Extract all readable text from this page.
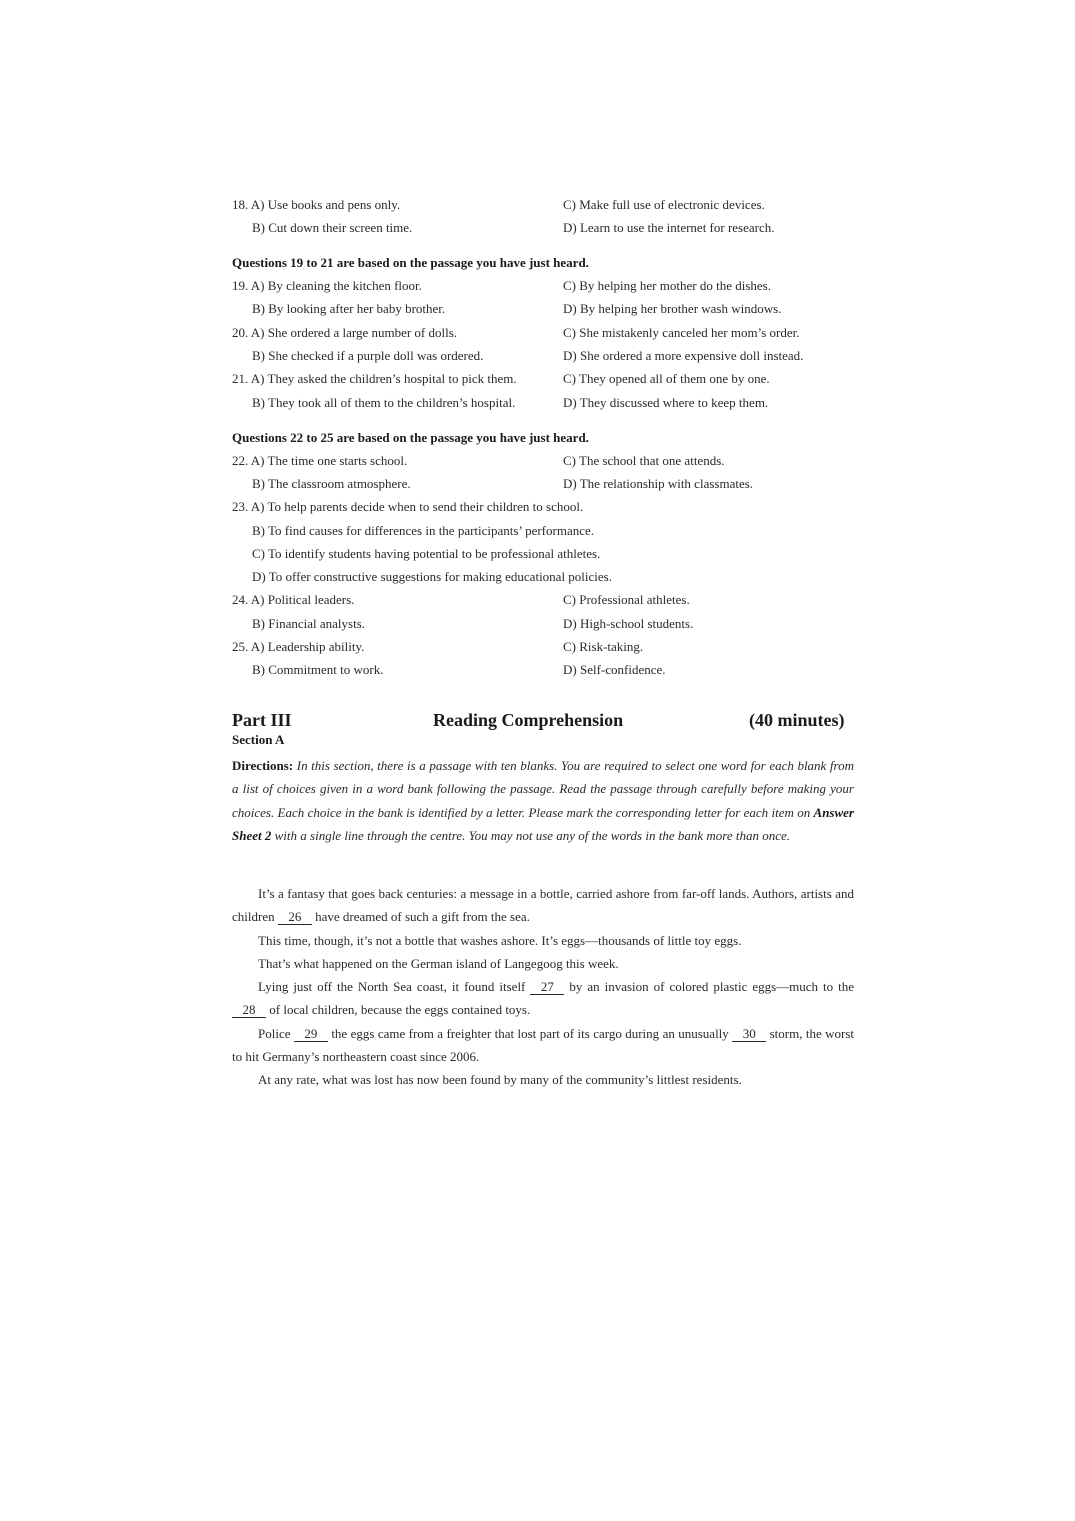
18. A) Use books and pens only.	C) Make full use of electronic devices.
B) Cut down their screen time.	D) Learn to use the internet for research.
Questions 19 to 21 are based on the passage you have just heard.
19. A) By cleaning the kitchen floor.	C) By helping her mother do the dishes.
B) By looking after her baby brother.	D) By helping her brother wash windows.
20. A) She ordered a large number of dolls.	C) She mistakenly canceled her mom’s order.
B) She checked if a purple doll was ordered.	D) She ordered a more expensive doll instead.
21. A) They asked the children’s hospital to pick them.	C) They opened all of them one by one.
B) They took all of them to the children’s hospital.	D) They discussed where to keep them.
Questions 22 to 25 are based on the passage you have just heard.
22. A) The time one starts school.	C) The school that one attends.
B) The classroom atmosphere.	D) The relationship with classmates.
23. A) To help parents decide when to send their children to school.
B) To find causes for differences in the participants’ performance.
C) To identify students having potential to be professional athletes.
D) To offer constructive suggestions for making educational policies.
24. A) Political leaders.	C) Professional athletes.
B) Financial analysts.	D) High-school students.
25. A) Leadership ability.	C) Risk-taking.
B) Commitment to work.	D) Self-confidence.
Part III	Reading Comprehension	(40 minutes)
Section A
Directions: In this section, there is a passage with ten blanks. You are required to select one word for each blank from a list of choices given in a word bank following the passage. Read the passage through carefully before making your choices. Each choice in the bank is identified by a letter. Please mark the corresponding letter for each item on Answer Sheet 2 with a single line through the centre. You may not use any of the words in the bank more than once.

It’s a fantasy that goes back centuries: a message in a bottle, carried ashore from far-off lands. Authors, artists and children 26 have dreamed of such a gift from the sea.

This time, though, it’s not a bottle that washes ashore. It’s eggs—thousands of little toy eggs.

That’s what happened on the German island of Langegoog this week.

Lying just off the North Sea coast, it found itself 27 by an invasion of colored plastic eggs—much to the 28 of local children, because the eggs contained toys.

Police 29 the eggs came from a freighter that lost part of its cargo during an unusually 30 storm, the worst to hit Germany’s northeastern coast since 2006.

At any rate, what was lost has now been found by many of the community’s littlest residents.
